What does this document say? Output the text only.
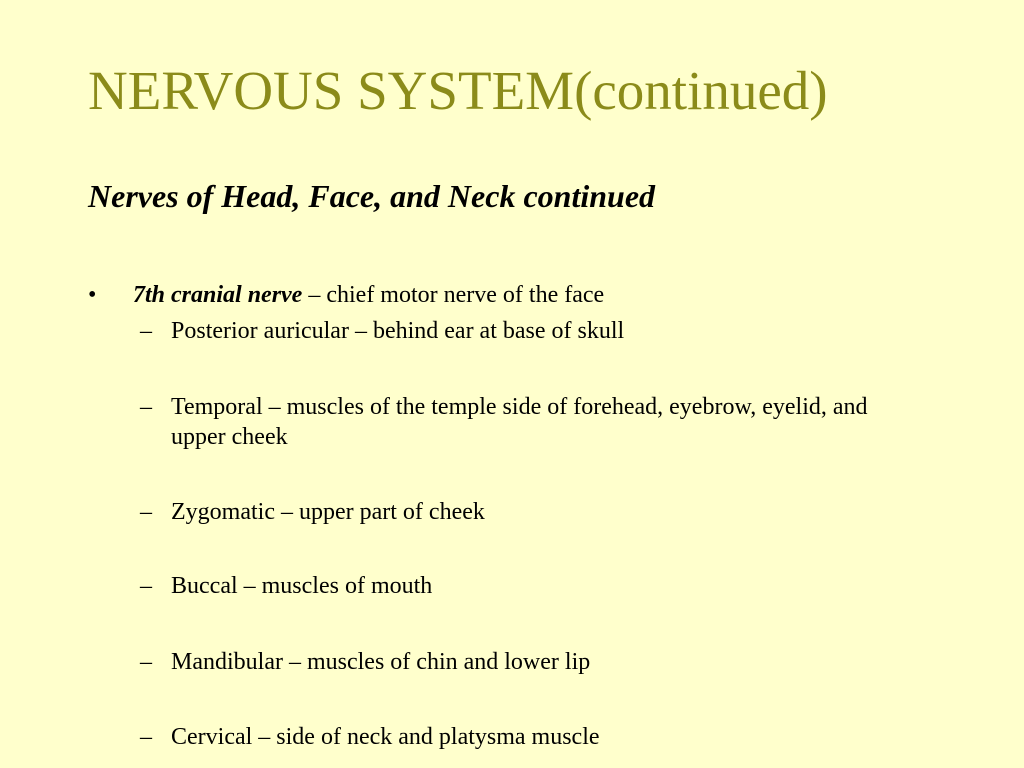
NERVOUS SYSTEM(continued)
Nerves of Head, Face, and Neck continued
• 7th cranial nerve – chief motor nerve of the face
– Posterior auricular – behind ear at base of skull
– Temporal – muscles of the temple side of forehead, eyebrow, eyelid, and upper cheek
– Zygomatic – upper part of cheek
– Buccal – muscles of mouth
– Mandibular – muscles of chin and lower lip
– Cervical – side of neck and platysma muscle
